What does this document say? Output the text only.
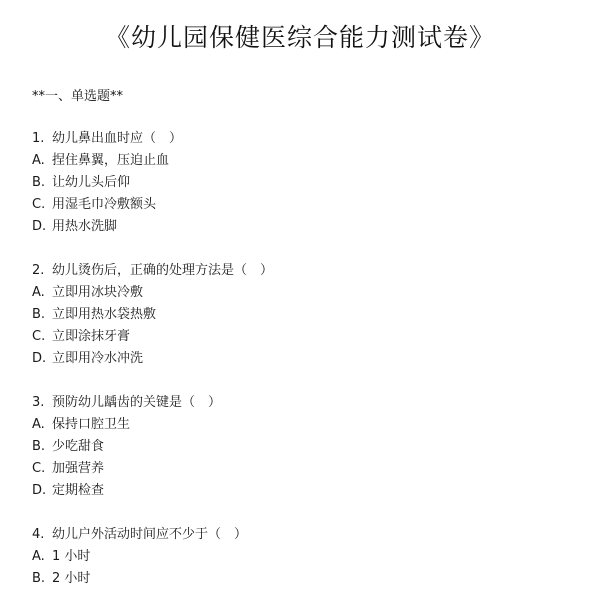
《幼儿园保健医综合能力测试卷》
**一、单选题**
1. 幼儿鼻出血时应（　）
A. 捏住鼻翼，压迫止血
B. 让幼儿头后仰
C. 用湿毛巾冷敷额头
D. 用热水洗脚
2. 幼儿烫伤后，正确的处理方法是（　）
A. 立即用冰块冷敷
B. 立即用热水袋热敷
C. 立即涂抹牙膏
D. 立即用冷水冲洗
3. 预防幼儿龋齿的关键是（　）
A. 保持口腔卫生
B. 少吃甜食
C. 加强营养
D. 定期检查
4. 幼儿户外活动时间应不少于（　）
A. 1 小时
B. 2 小时
